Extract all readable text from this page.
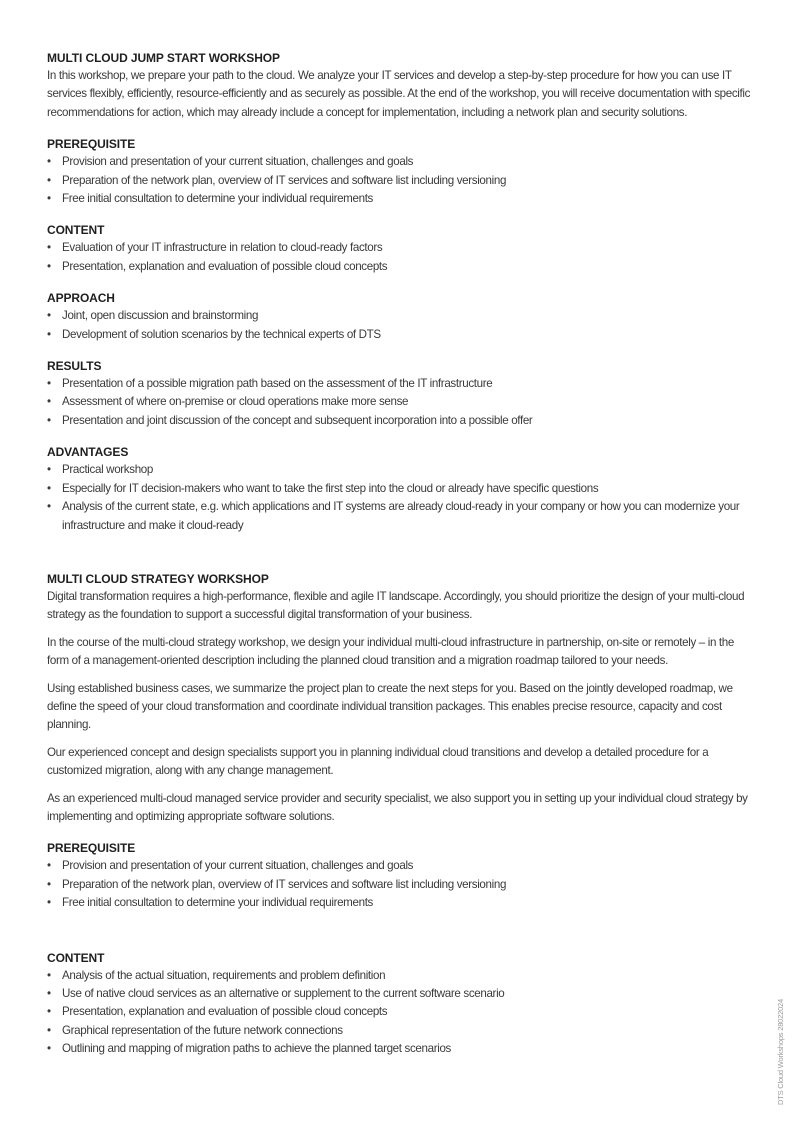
MULTI CLOUD JUMP START WORKSHOP

In this workshop, we prepare your path to the cloud. We analyze your IT services and develop a step-by-step procedure for how you can use IT services flexibly, efficiently, resource-efficiently and as securely as possible. At the end of the workshop, you will receive documentation with specific recommendations for action, which may already include a concept for implementation, including a network plan and security solutions.

PREREQUISITE
• Provision and presentation of your current situation, challenges and goals
• Preparation of the network plan, overview of IT services and software list including versioning
• Free initial consultation to determine your individual requirements
CONTENT
• Evaluation of your IT infrastructure in relation to cloud-ready factors
• Presentation, explanation and evaluation of possible cloud concepts
APPROACH
• Joint, open discussion and brainstorming
• Development of solution scenarios by the technical experts of DTS
RESULTS
• Presentation of a possible migration path based on the assessment of the IT infrastructure
• Assessment of where on-premise or cloud operations make more sense
• Presentation and joint discussion of the concept and subsequent incorporation into a possible offer
ADVANTAGES
• Practical workshop
• Especially for IT decision-makers who want to take the first step into the cloud or already have specific questions
• Analysis of the current state, e.g. which applications and IT systems are already cloud-ready in your company or how you can modernize your infrastructure and make it cloud-ready
MULTI CLOUD STRATEGY WORKSHOP

Digital transformation requires a high-performance, flexible and agile IT landscape. Accordingly, you should prioritize the design of your multi-cloud strategy as the foundation to support a successful digital transformation of your business.

In the course of the multi-cloud strategy workshop, we design your individual multi-cloud infrastructure in partnership, on-site or remotely – in the form of a management-oriented description including the planned cloud transition and a migration roadmap tailored to your needs.

Using established business cases, we summarize the project plan to create the next steps for you. Based on the jointly developed roadmap, we define the speed of your cloud transformation and coordinate individual transition packages. This enables precise resource, capacity and cost planning.

Our experienced concept and design specialists support you in planning individual cloud transitions and develop a detailed procedure for a customized migration, along with any change management.

As an experienced multi-cloud managed service provider and security specialist, we also support you in setting up your individual cloud strategy by implementing and optimizing appropriate software solutions.

PREREQUISITE
• Provision and presentation of your current situation, challenges and goals
• Preparation of the network plan, overview of IT services and software list including versioning
• Free initial consultation to determine your individual requirements
CONTENT
• Analysis of the actual situation, requirements and problem definition
• Use of native cloud services as an alternative or supplement to the current software scenario
• Presentation, explanation and evaluation of possible cloud concepts
• Graphical representation of the future network connections
• Outlining and mapping of migration paths to achieve the planned target scenarios	DTS Cloud Workshops 28022024
